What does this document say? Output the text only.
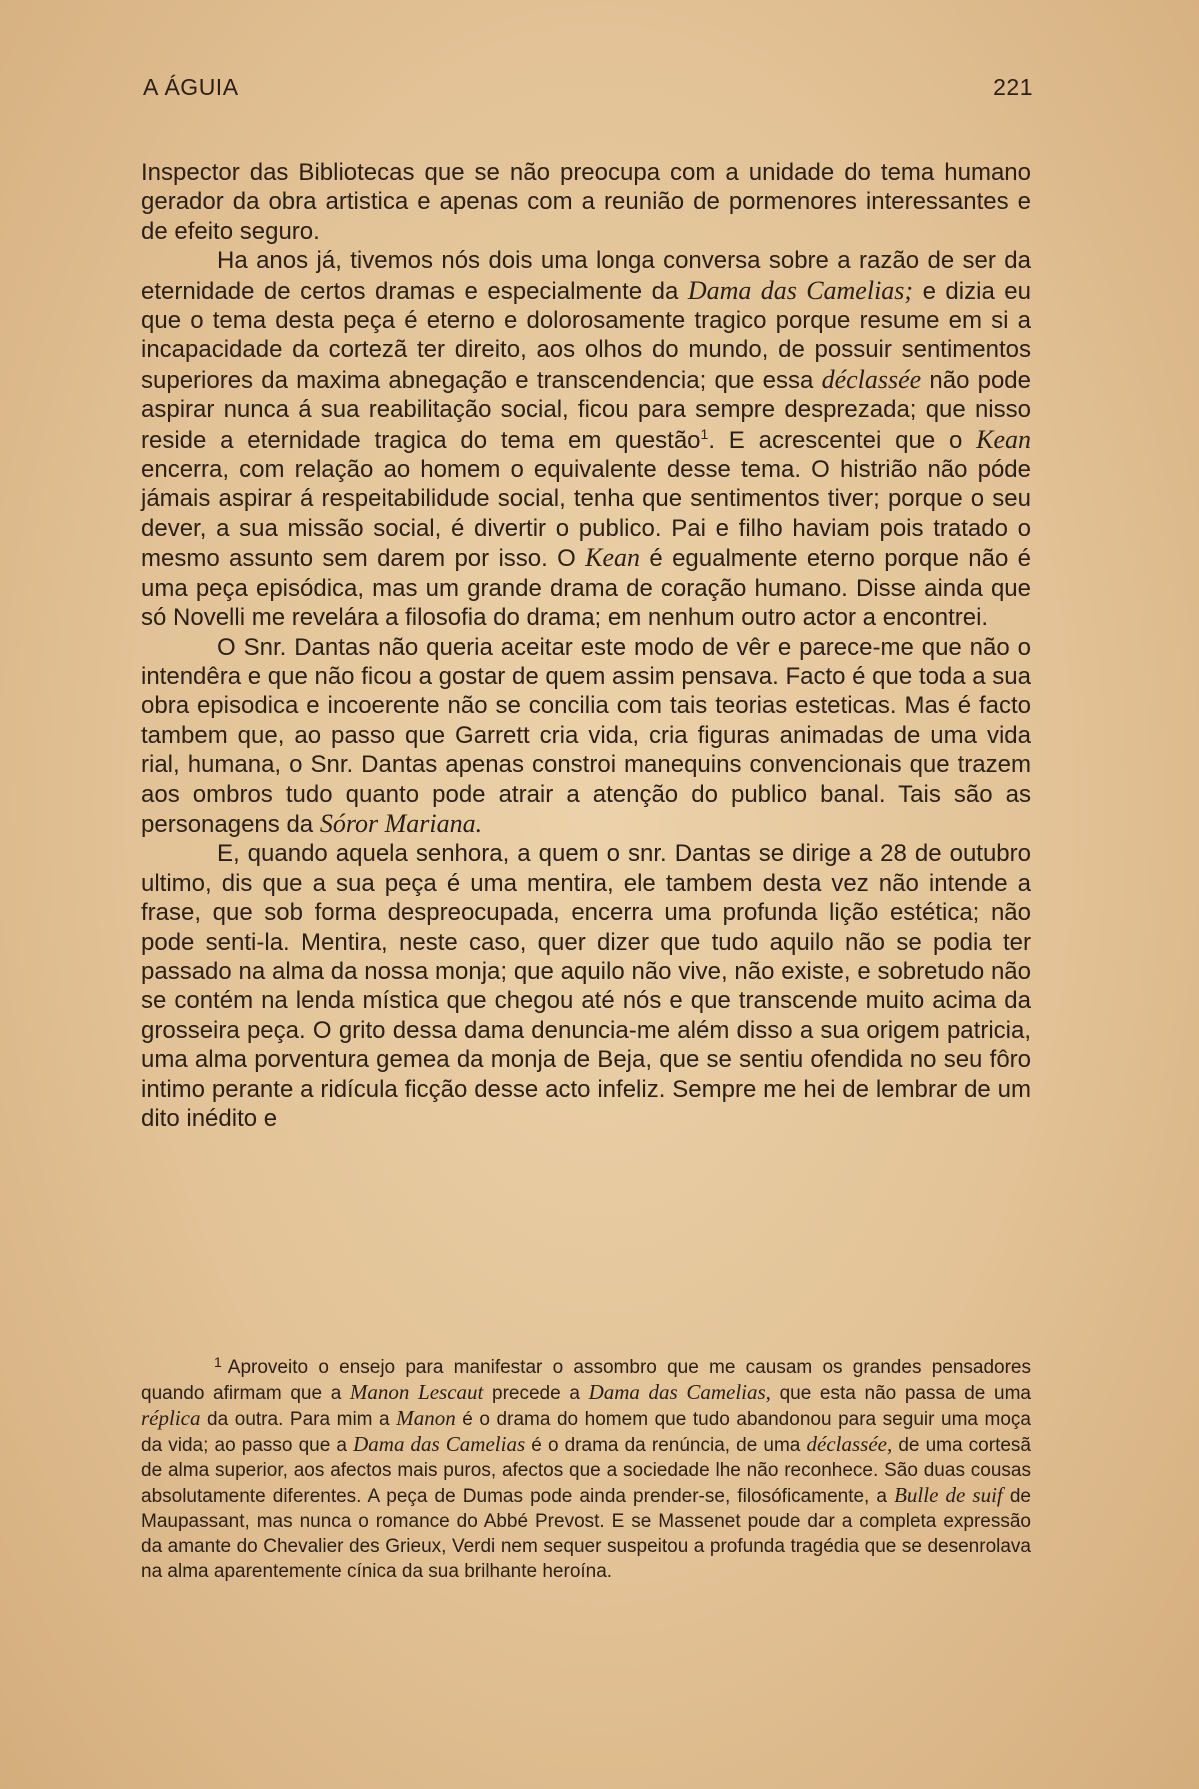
A ÁGUIA	221

Inspector das Bibliotecas que se não preocupa com a unidade do tema humano gerador da obra artistica e apenas com a reunião de pormenores interessantes e de efeito seguro.

Ha anos já, tivemos nós dois uma longa conversa sobre a razão de ser da eternidade de certos dramas e especialmente da Dama das Camelias; e dizia eu que o tema desta peça é eterno e dolorosamente tragico porque resume em si a incapacidade da cortezã ter direito, aos olhos do mundo, de possuir sentimentos superiores da maxima abnegação e transcendencia; que essa déclassée não pode aspirar nunca á sua reabilitação social, ficou para sempre desprezada; que nisso reside a eternidade tragica do tema em questão$^1$. E acrescentei que o Kean encerra, com relação ao homem o equivalente desse tema. O histrião não póde jámais aspirar á respeitabilidude social, tenha que sentimentos tiver; porque o seu dever, a sua missão social, é divertir o publico. Pai e filho haviam pois tratado o mesmo assunto sem darem por isso. O Kean é egualmente eterno porque não é uma peça episódica, mas um grande drama de coração humano. Disse ainda que só Novelli me revelára a filosofia do drama; em nenhum outro actor a encontrei.

O Snr. Dantas não queria aceitar este modo de vêr e parece-me que não o intendêra e que não ficou a gostar de quem assim pensava. Facto é que toda a sua obra episodica e incoerente não se concilia com tais teorias esteticas. Mas é facto tambem que, ao passo que Garrett cria vida, cria figuras animadas de uma vida rial, humana, o Snr. Dantas apenas constroi manequins convencionais que trazem aos ombros tudo quanto pode atrair a atenção do publico banal. Tais são as personagens da Sóror Mariana.

E, quando aquela senhora, a quem o snr. Dantas se dirige a 28 de outubro ultimo, dis que a sua peça é uma mentira, ele tambem desta vez não intende a frase, que sob forma despreocupada, encerra uma profunda lição estética; não pode senti-la. Mentira, neste caso, quer dizer que tudo aquilo não se podia ter passado na alma da nossa monja; que aquilo não vive, não existe, e sobretudo não se contém na lenda mística que chegou até nós e que transcende muito acima da grosseira peça. O grito dessa dama denuncia-me além disso a sua origem patricia, uma alma porventura gemea da monja de Beja, que se sentiu ofendida no seu fôro intimo perante a ridícula ficção desse acto infeliz. Sempre me hei de lembrar de um dito inédito e

$^1$ Aproveito o ensejo para manifestar o assombro que me causam os grandes pensadores quando afirmam que a Manon Lescaut precede a Dama das Camelias, que esta não passa de uma réplica da outra. Para mim a Manon é o drama do homem que tudo abandonou para seguir uma moça da vida; ao passo que a Dama das Camelias é o drama da renúncia, de uma déclassée, de uma cortesã de alma superior, aos afectos mais puros, afectos que a sociedade lhe não reconhece. São duas cousas absolutamente diferentes. A peça de Dumas pode ainda prender-se, filosóficamente, a Bulle de suif de Maupassant, mas nunca o romance do Abbé Prevost. E se Massenet poude dar a completa expressão da amante do Chevalier des Grieux, Verdi nem sequer suspeitou a profunda tragédia que se desenrolava na alma aparentemente cínica da sua brilhante heroína.
